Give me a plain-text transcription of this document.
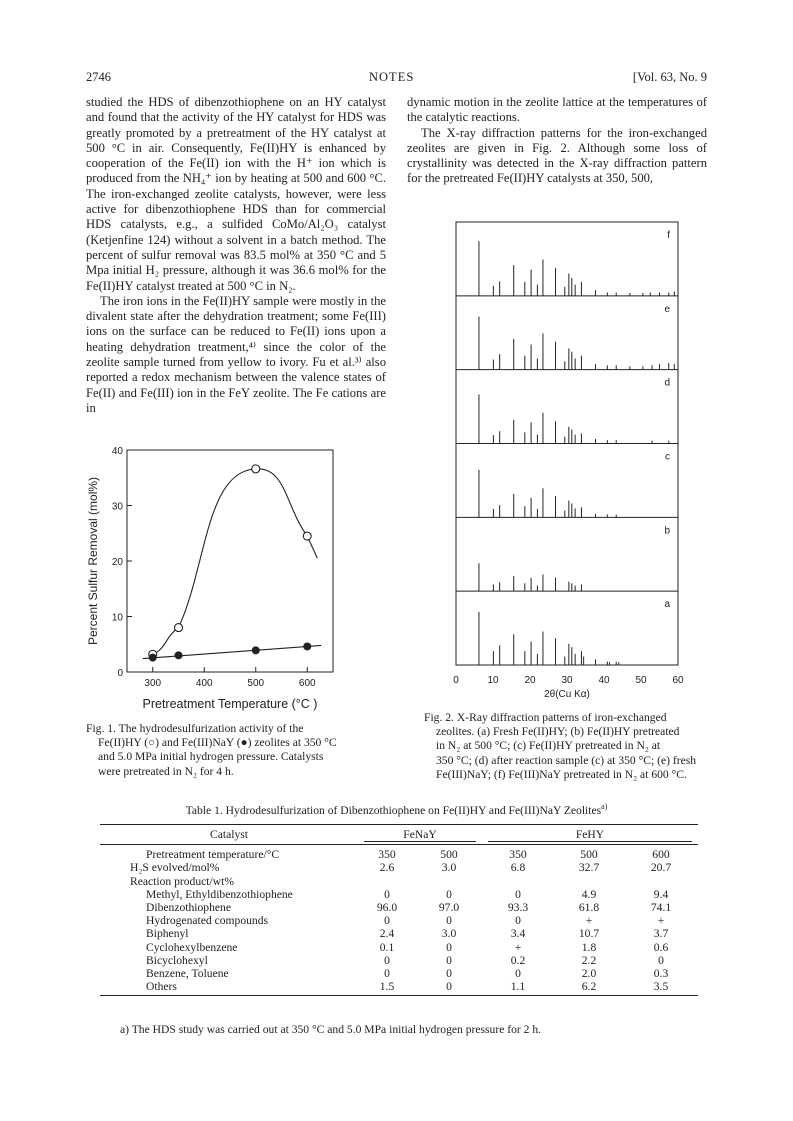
2746	NOTES	[Vol. 63, No. 9

studied the HDS of dibenzothiophene on an HY catalyst and found that the activity of the HY catalyst for HDS was greatly promoted by a pretreatment of the HY catalyst at 500 °C in air. Consequently, Fe(II)HY is enhanced by cooperation of the Fe(II) ion with the H⁺ ion which is produced from the NH₄⁺ ion by heating at 500 and 600 °C. The iron-exchanged zeolite catalysts, however, were less active for dibenzothiophene HDS than for commercial HDS catalysts, e.g., a sulfided CoMo/Al₂O₃ catalyst (Ketjenfine 124) without a solvent in a batch method. The percent of sulfur removal was 83.5 mol% at 350 °C and 5 Mpa initial H₂ pressure, although it was 36.6 mol% for the Fe(II)HY catalyst treated at 500 °C in N₂.

The iron ions in the Fe(II)HY sample were mostly in the divalent state after the dehydration treatment; some Fe(III) ions on the surface can be reduced to Fe(II) ions upon a heating dehydration treatment,⁴⁾ since the color of the zeolite sample turned from yellow to ivory. Fu et al.³⁾ also reported a redox mechanism between the valence states of Fe(II) and Fe(III) ion in the FeY zeolite. The Fe cations are in

dynamic motion in the zeolite lattice at the temperatures of the catalytic reactions.

The X-ray diffraction patterns for the iron-exchanged zeolites are given in Fig. 2. Although some loss of crystallinity was detected in the X-ray diffraction pattern for the pretreated Fe(II)HY catalysts at 350, 500,

0
10
20
30
40
300	400	500	600
Pretreatment Temperature (°C )
Percent Sulfur Removal (mol%)
Fig. 1. The hydrodesulfurization activity of the
Fe(II)HY (○) and Fe(III)NaY (●) zeolites at 350 °C
and 5.0 MPa initial hydrogen pressure. Catalysts
were pretreated in N₂ for 4 h.
a
b
c
d
e
f
0	10	20	30	40	50	60
2θ(Cu Kα)
Fig. 2. X-Ray diffraction patterns of iron-exchanged
zeolites. (a) Fresh Fe(II)HY; (b) Fe(II)HY pretreated
in N₂ at 500 °C; (c) Fe(II)HY pretreated in N₂ at
350 °C; (d) after reaction sample (c) at 350 °C; (e) fresh
Fe(III)NaY; (f) Fe(III)NaY pretreated in N₂ at 600 °C.
Table 1. Hydrodesulfurization of Dibenzothiophene on Fe(II)HY and Fe(III)NaY Zeolites$^{a)}$
Catalyst	FeNaY		FeHY		

Pretreatment temperature/°C	350	500	350	500	600
H₂S evolved/mol%	2.6	3.0	6.8	32.7	20.7
Reaction product/wt%					
Methyl, Ethyldibenzothiophene	0	0	0	4.9	9.4
Dibenzothiophene	96.0	97.0	93.3	61.8	74.1
Hydrogenated compounds	0	0	0	+	+
Biphenyl	2.4	3.0	3.4	10.7	3.7
Cyclohexylbenzene	0.1	0	+	1.8	0.6
Bicyclohexyl	0	0	0.2	2.2	0
Benzene, Toluene	0	0	0	2.0	0.3
Others	1.5	0	1.1	6.2	3.5

a) The HDS study was carried out at 350 °C and 5.0 MPa initial hydrogen pressure for 2 h.
